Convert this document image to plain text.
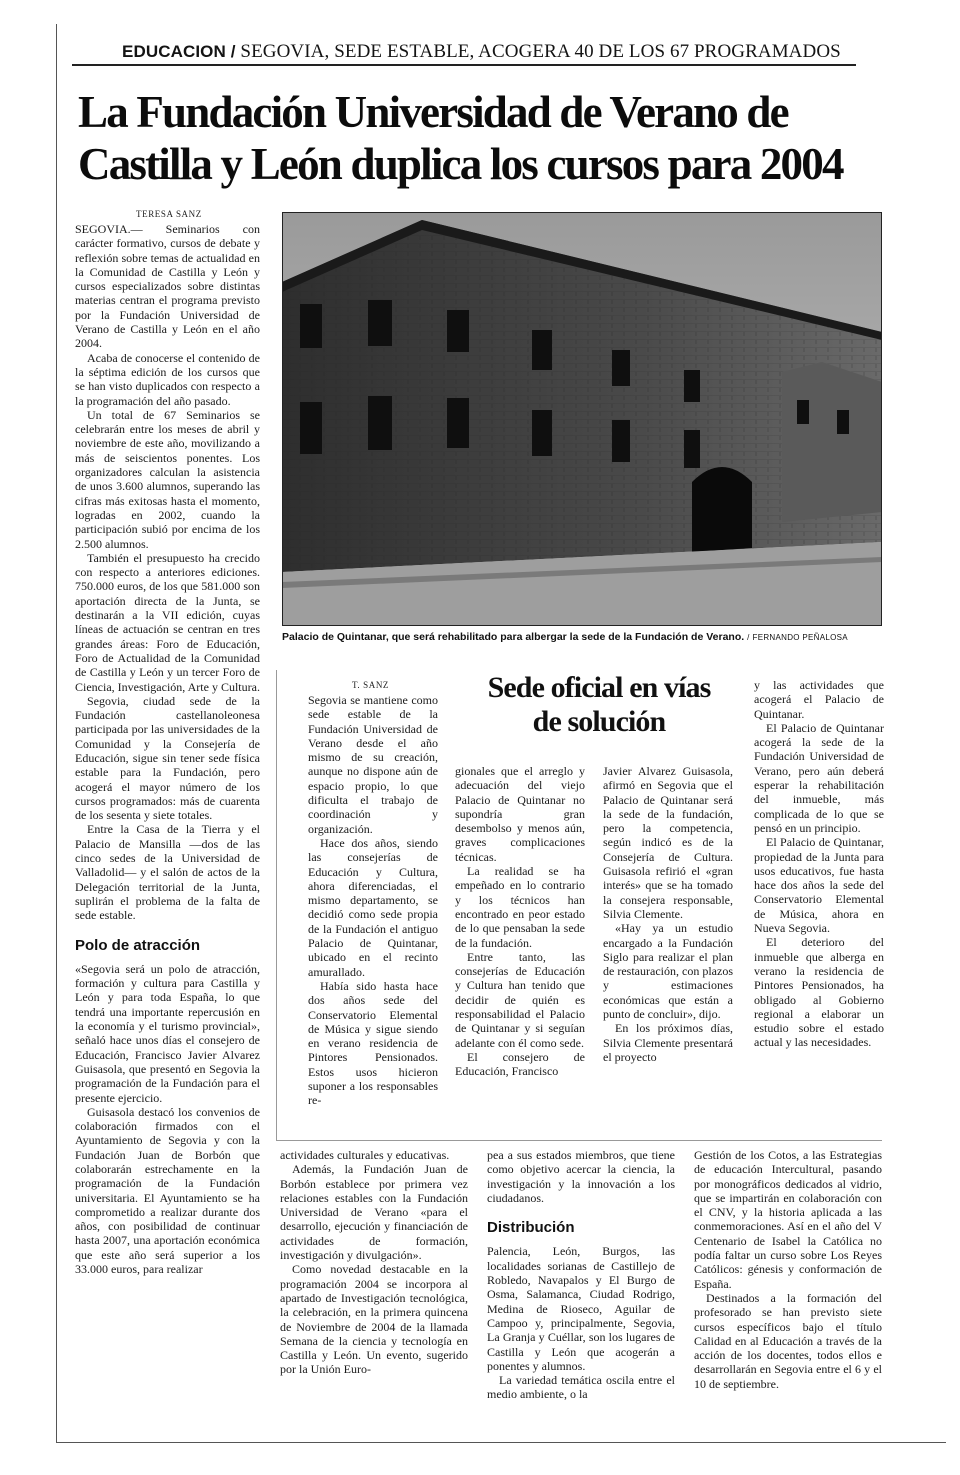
EDUCACION / SEGOVIA, SEDE ESTABLE, ACOGERA 40 DE LOS 67 PROGRAMADOS
La Fundación Universidad de Verano de
Castilla y León duplica los cursos para 2004
TERESA SANZ

SEGOVIA.— Seminarios con carácter formativo, cursos de debate y reflexión sobre temas de actualidad en la Comunidad de Castilla y León y cursos especializados sobre distintas materias centran el programa previsto por la Fundación Universidad de Verano de Castilla y León en el año 2004.

Acaba de conocerse el contenido de la séptima edición de los cursos que se han visto duplicados con respecto a la programación del año pasado.

Un total de 67 Seminarios se celebrarán entre los meses de abril y noviembre de este año, movilizando a más de seiscientos ponentes. Los organizadores calculan la asistencia de unos 3.600 alumnos, superando las cifras más exitosas hasta el momento, logradas en 2002, cuando la participación subió por encima de los 2.500 alumnos.

También el presupuesto ha crecido con respecto a anteriores ediciones. 750.000 euros, de los que 581.000 son aportación directa de la Junta, se destinarán a la VII edición, cuyas líneas de actuación se centran en tres grandes áreas: Foro de Educación, Foro de Actualidad de la Comunidad de Castilla y León y un tercer Foro de Ciencia, Investigación, Arte y Cultura.

Segovia, ciudad sede de la Fundación castellanoleonesa participada por las universidades de la Comunidad y la Consejería de Educación, sigue sin tener sede física estable para la Fundación, pero acogerá el mayor número de los cursos programados: más de cuarenta de los sesenta y siete totales.

Entre la Casa de la Tierra y el Palacio de Mansilla —dos de las cinco sedes de la Universidad de Valladolid— y el salón de actos de la Delegación territorial de la Junta, suplirán el problema de la falta de sede estable.

Polo de atracción

«Segovia será un polo de atracción, formación y cultura para Castilla y León y para toda España, lo que tendrá una importante repercusión en la economía y el turismo provincial», señaló hace unos días el consejero de Educación, Francisco Javier Alvarez Guisasola, que presentó en Segovia la programación de la Fundación para el presente ejercicio.

Guisasola destacó los convenios de colaboración firmados con el Ayuntamiento de Segovia y con la Fundación Juan de Borbón que colaborarán estrechamente en la programación de la Fundación universitaria. El Ayuntamiento se ha comprometido a realizar durante dos años, con posibilidad de continuar hasta 2007, una aportación económica que este año será superior a los 33.000 euros, para realizar

Palacio de Quintanar, que será rehabilitado para albergar la sede de la Fundación de Verano. / FERNANDO PEÑALOSA
T. SANZ	Sede oficial en vías
de solución

Segovia se mantiene como sede estable de la Fundación Universidad de Verano desde el año mismo de su creación, aunque no dispone aún de espacio propio, lo que dificulta el trabajo de coordinación y organización.

Hace dos años, siendo las consejerías de Educación y Cultura, ahora diferenciadas, el mismo departamento, se decidió como sede propia de la Fundación el antiguo Palacio de Quintanar, ubicado en el recinto amurallado.

Había sido hasta hace dos años sede del Conservatorio Elemental de Música y sigue siendo en verano residencia de Pintores Pensionados. Estos usos hicieron suponer a los responsables re-

gionales que el arreglo y adecuación del viejo Palacio de Quintanar no supondría gran desembolso y menos aún, graves complicaciones técnicas.

La realidad se ha empeñado en lo contrario y los técnicos han encontrado en peor estado de lo que pensaban la sede de la fundación.

Entre tanto, las consejerías de Educación y Cultura han tenido que decidir de quién es responsabilidad el Palacio de Quintanar y si seguían adelante con él como sede.

El consejero de Educación, Francisco

Javier Alvarez Guisasola, afirmó en Segovia que el Palacio de Quintanar será la sede de la fundación, pero la competencia, según indicó es de la Consejería de Cultura. Guisasola refirió el «gran interés» que se ha tomado la consejera responsable, Silvia Clemente.

«Hay ya un estudio encargado a la Fundación Siglo para realizar el plan de restauración, con plazos y estimaciones económicas que están a punto de concluir», dijo.

En los próximos días, Silvia Clemente presentará el proyecto

y las actividades que acogerá el Palacio de Quintanar.

El Palacio de Quintanar acogerá la sede de la Fundación Universidad de Verano, pero aún deberá esperar la rehabilitación del inmueble, más complicada de lo que se pensó en un principio.

El Palacio de Quintanar, propiedad de la Junta para usos educativos, fue hasta hace dos años la sede del Conservatorio Elemental de Música, ahora en Nueva Segovia.

El deterioro del inmueble que alberga en verano la residencia de Pintores Pensionados, ha obligado al Gobierno regional a elaborar un estudio sobre el estado actual y las necesidades.

actividades culturales y educativas.

Además, la Fundación Juan de Borbón establece por primera vez relaciones estables con la Fundación Universidad de Verano «para el desarrollo, ejecución y financiación de actividades de formación, investigación y divulgación».

Como novedad destacable en la programación 2004 se incorpora al apartado de Investigación tecnológica, la celebración, en la primera quincena de Noviembre de 2004 de la llamada Semana de la ciencia y tecnología en Castilla y León. Un evento, sugerido por la Unión Euro-

pea a sus estados miembros, que tiene como objetivo acercar la ciencia, la investigación y la innovación a los ciudadanos.

Distribución

Palencia, León, Burgos, las localidades sorianas de Castillejo de Robledo, Navapalos y El Burgo de Osma, Salamanca, Ciudad Rodrigo, Medina de Rioseco, Aguilar de Campoo y, principalmente, Segovia, La Granja y Cuéllar, son los lugares de Castilla y León que acogerán a ponentes y alumnos.

La variedad temática oscila entre el medio ambiente, o la

Gestión de los Cotos, a las Estrategias de educación Intercultural, pasando por monográficos dedicados al vidrio, que se impartirán en colaboración con el CNV, y la historia aplicada a las conmemoraciones. Así en el año del V Centenario de Isabel la Católica no podía faltar un curso sobre Los Reyes Católicos: génesis y conformación de España.

Destinados a la formación del profesorado se han previsto siete cursos específicos bajo el título Calidad en al Educación a través de la acción de los docentes, todos ellos e desarrollarán en Segovia entre el 6 y el 10 de septiembre.
